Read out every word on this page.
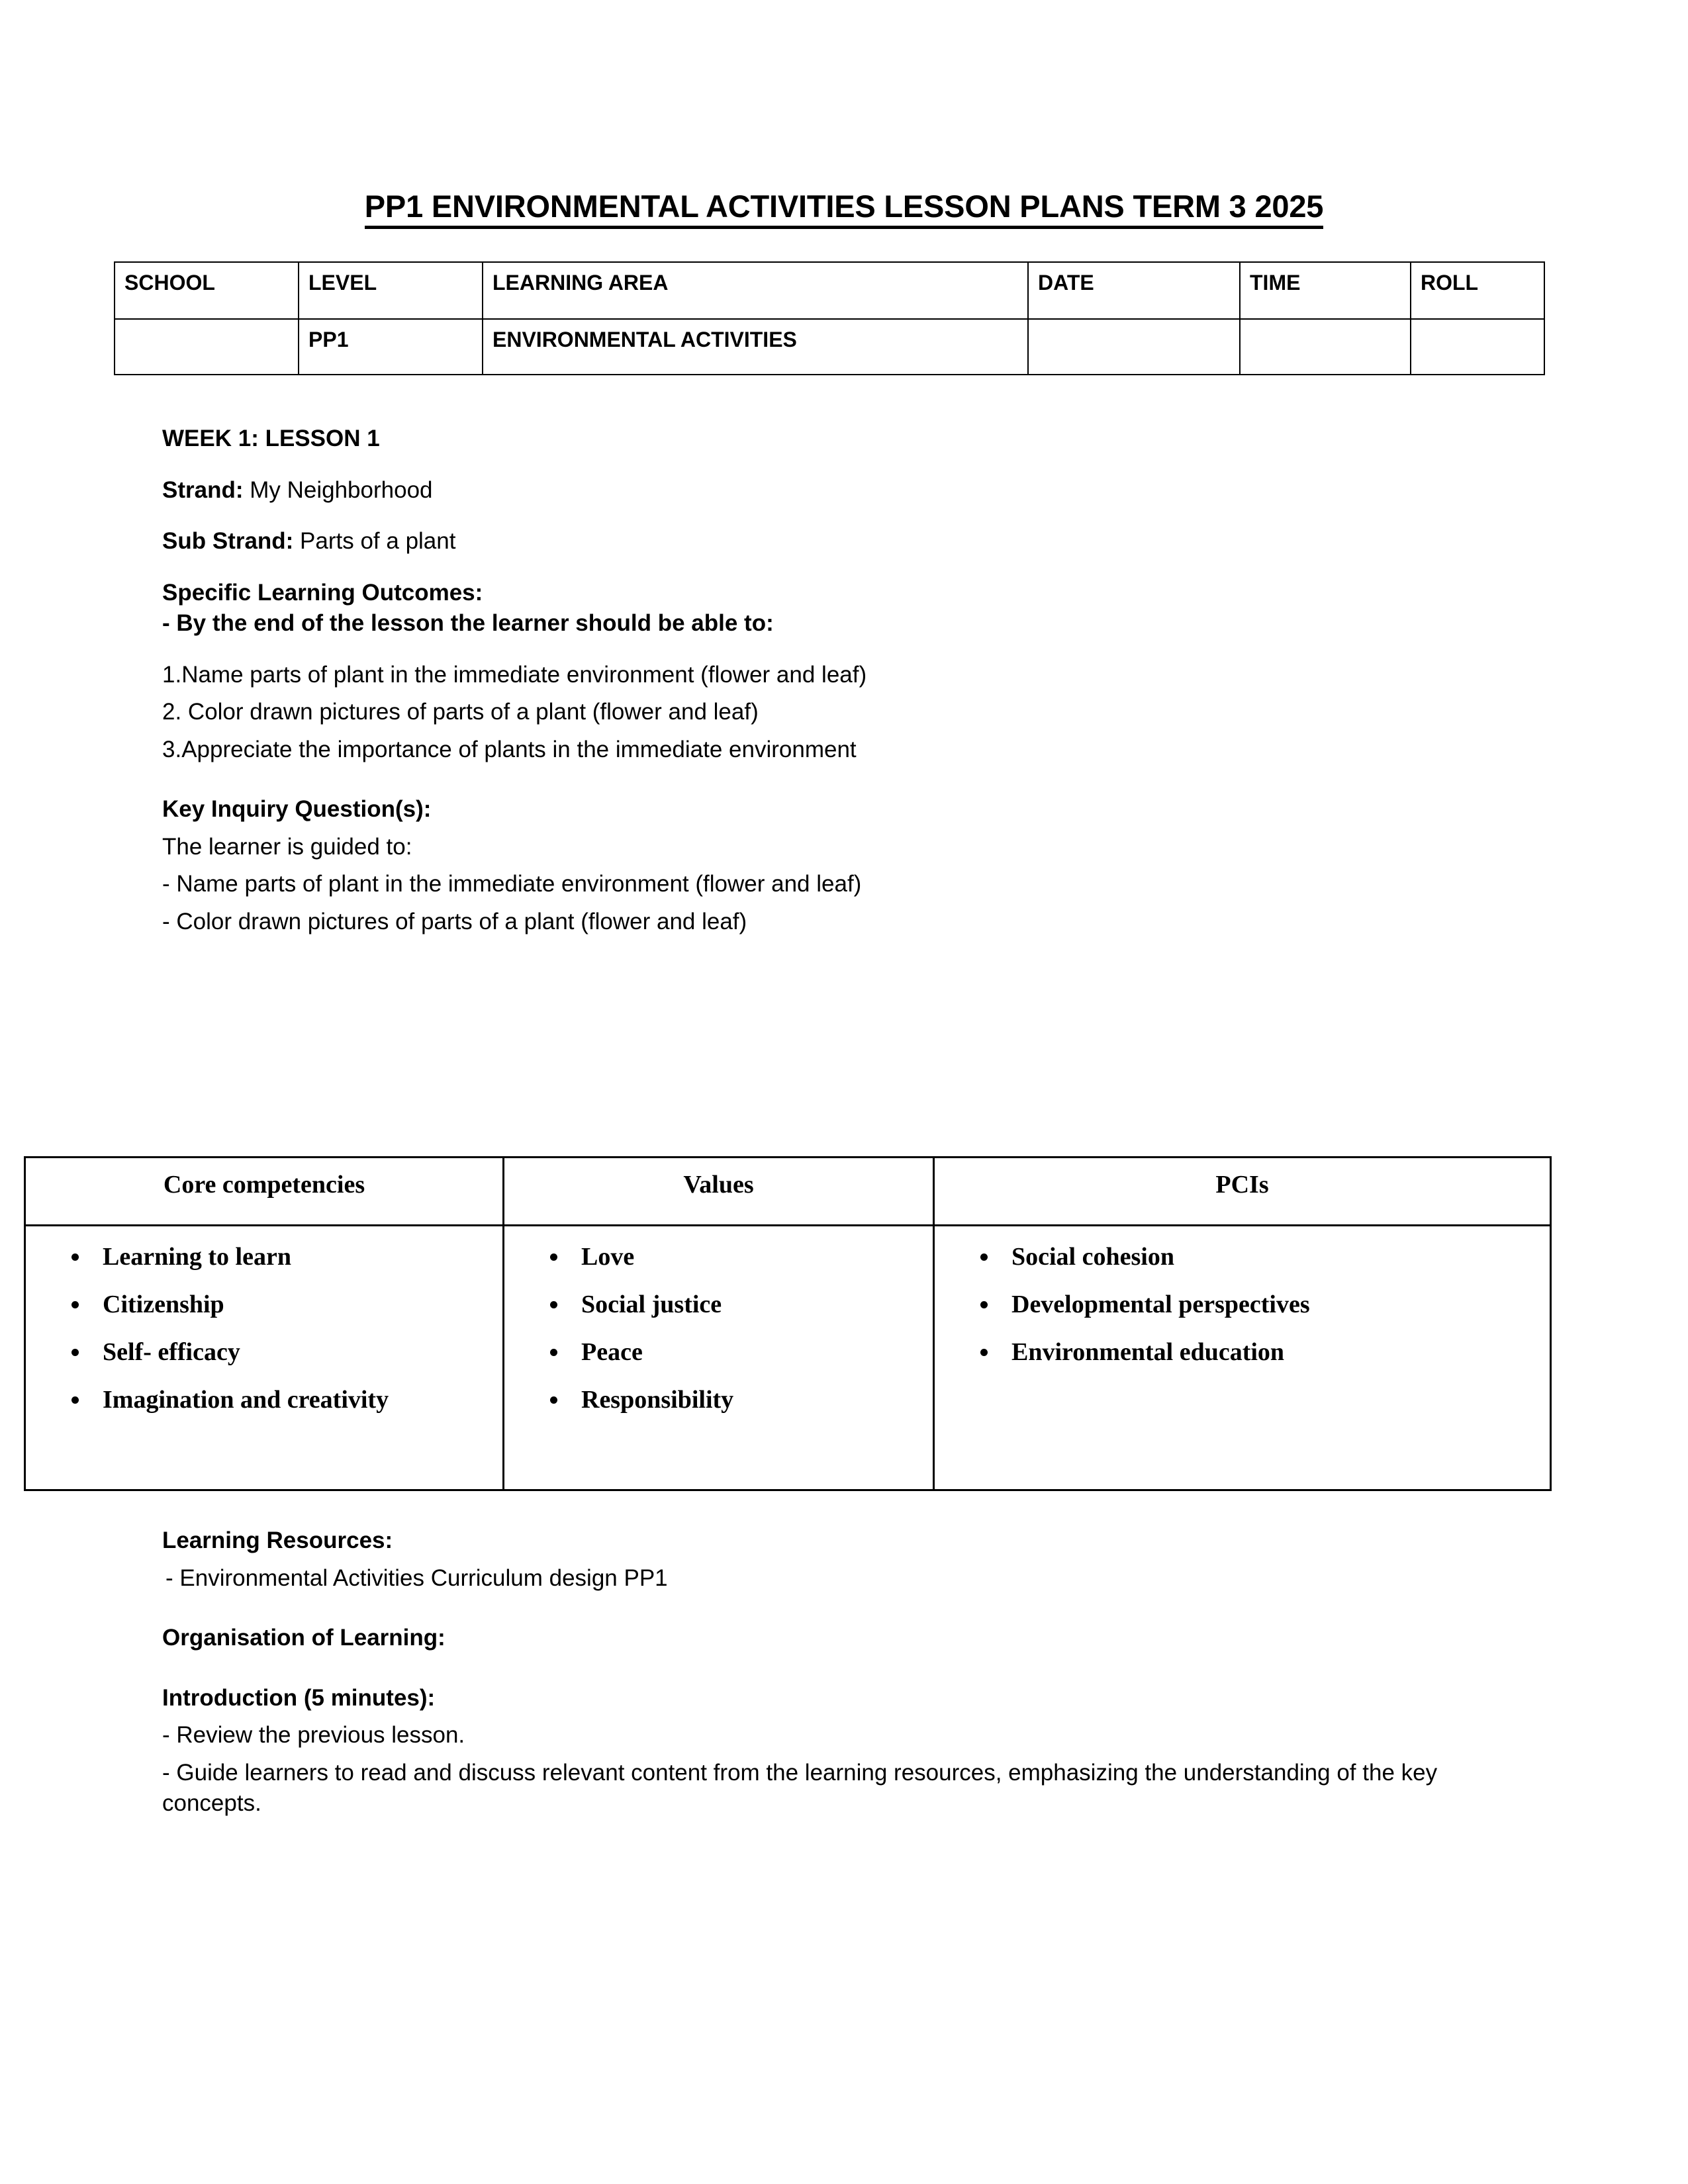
PP1 ENVIRONMENTAL ACTIVITIES LESSON PLANS TERM 3 2025
SCHOOL	LEVEL	LEARNING AREA	DATE	TIME	ROLL
	PP1	ENVIRONMENTAL ACTIVITIES			

WEEK 1: LESSON 1

Strand: My Neighborhood

Sub Strand: Parts of a plant

Specific Learning Outcomes:

- By the end of the lesson the learner should be able to:

1.Name parts of plant in the immediate environment (flower and leaf)

2. Color drawn pictures of parts of a plant (flower and leaf)

3.Appreciate the importance of plants in the immediate environment

Key Inquiry Question(s):

The learner is guided to:

- Name parts of plant in the immediate environment (flower and leaf)

- Color drawn pictures of parts of a plant (flower and leaf)

Core competencies	Values	PCIs

• Learning to learn
• Citizenship
• Self- efficacy
• Imagination and creativity

• Love
• Social justice
• Peace
• Responsibility

• Social cohesion
• Developmental perspectives
• Environmental education

Learning Resources:

- Environmental Activities Curriculum design PP1

Organisation of Learning:

Introduction (5 minutes):

- Review the previous lesson.

- Guide learners to read and discuss relevant content from the learning resources, emphasizing the understanding of the key concepts.
